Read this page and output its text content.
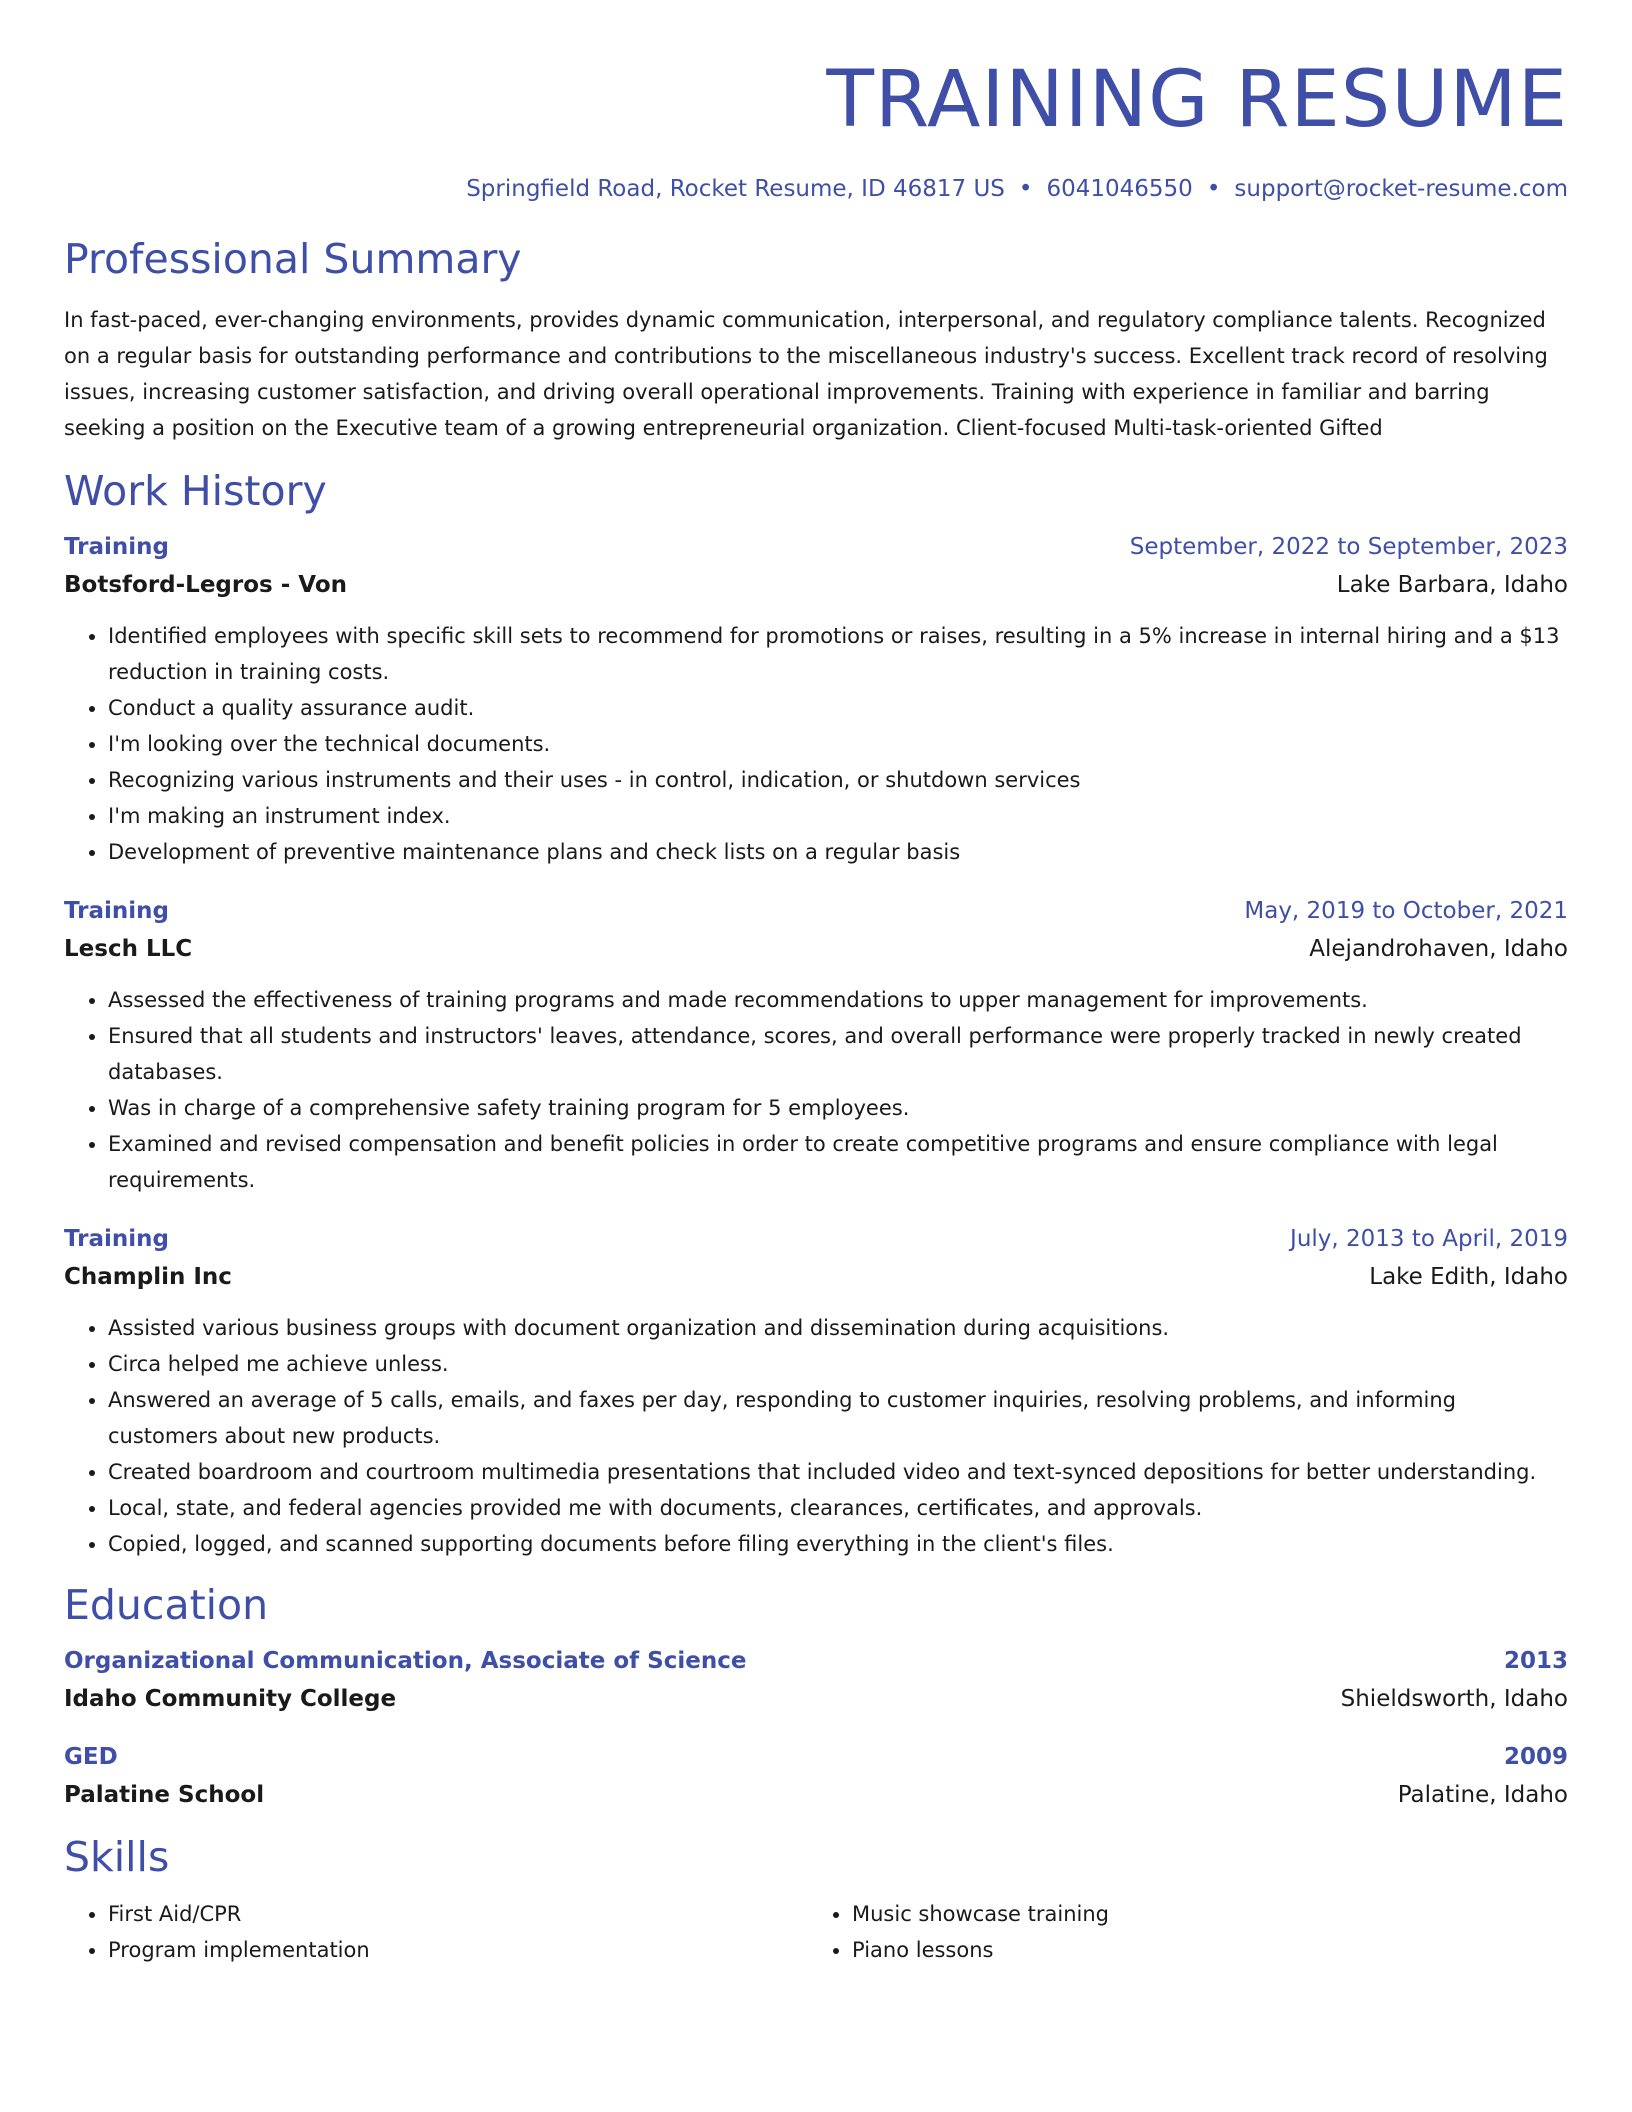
TRAINING RESUME
Springfield Road, Rocket Resume, ID 46817 US • 6041046550 • support@rocket-resume.com
Professional Summary

In fast-paced, ever-changing environments, provides dynamic communication, interpersonal, and regulatory compliance talents. Recognized on a regular basis for outstanding performance and contributions to the miscellaneous industry's success. Excellent track record of resolving issues, increasing customer satisfaction, and driving overall operational improvements. Training with experience in familiar and barring seeking a position on the Executive team of a growing entrepreneurial organization. Client-focused Multi-task-oriented Gifted

Work History
Training	September, 2022 to September, 2023
Botsford-Legros - Von	Lake Barbara, Idaho
• Identified employees with specific skill sets to recommend for promotions or raises, resulting in a 5% increase in internal hiring and a $13 reduction in training costs.
• Conduct a quality assurance audit.
• I'm looking over the technical documents.
• Recognizing various instruments and their uses - in control, indication, or shutdown services
• I'm making an instrument index.
• Development of preventive maintenance plans and check lists on a regular basis
Training	May, 2019 to October, 2021
Lesch LLC	Alejandrohaven, Idaho
• Assessed the effectiveness of training programs and made recommendations to upper management for improvements.
• Ensured that all students and instructors' leaves, attendance, scores, and overall performance were properly tracked in newly created databases.
• Was in charge of a comprehensive safety training program for 5 employees.
• Examined and revised compensation and benefit policies in order to create competitive programs and ensure compliance with legal requirements.
Training	July, 2013 to April, 2019
Champlin Inc	Lake Edith, Idaho
• Assisted various business groups with document organization and dissemination during acquisitions.
• Circa helped me achieve unless.
• Answered an average of 5 calls, emails, and faxes per day, responding to customer inquiries, resolving problems, and informing customers about new products.
• Created boardroom and courtroom multimedia presentations that included video and text-synced depositions for better understanding.
• Local, state, and federal agencies provided me with documents, clearances, certificates, and approvals.
• Copied, logged, and scanned supporting documents before filing everything in the client's files.
Education
Organizational Communication, Associate of Science	2013
Idaho Community College	Shieldsworth, Idaho
GED	2009
Palatine School	Palatine, Idaho
Skills
• First Aid/CPR
• Program implementation
• Music showcase training
• Piano lessons
